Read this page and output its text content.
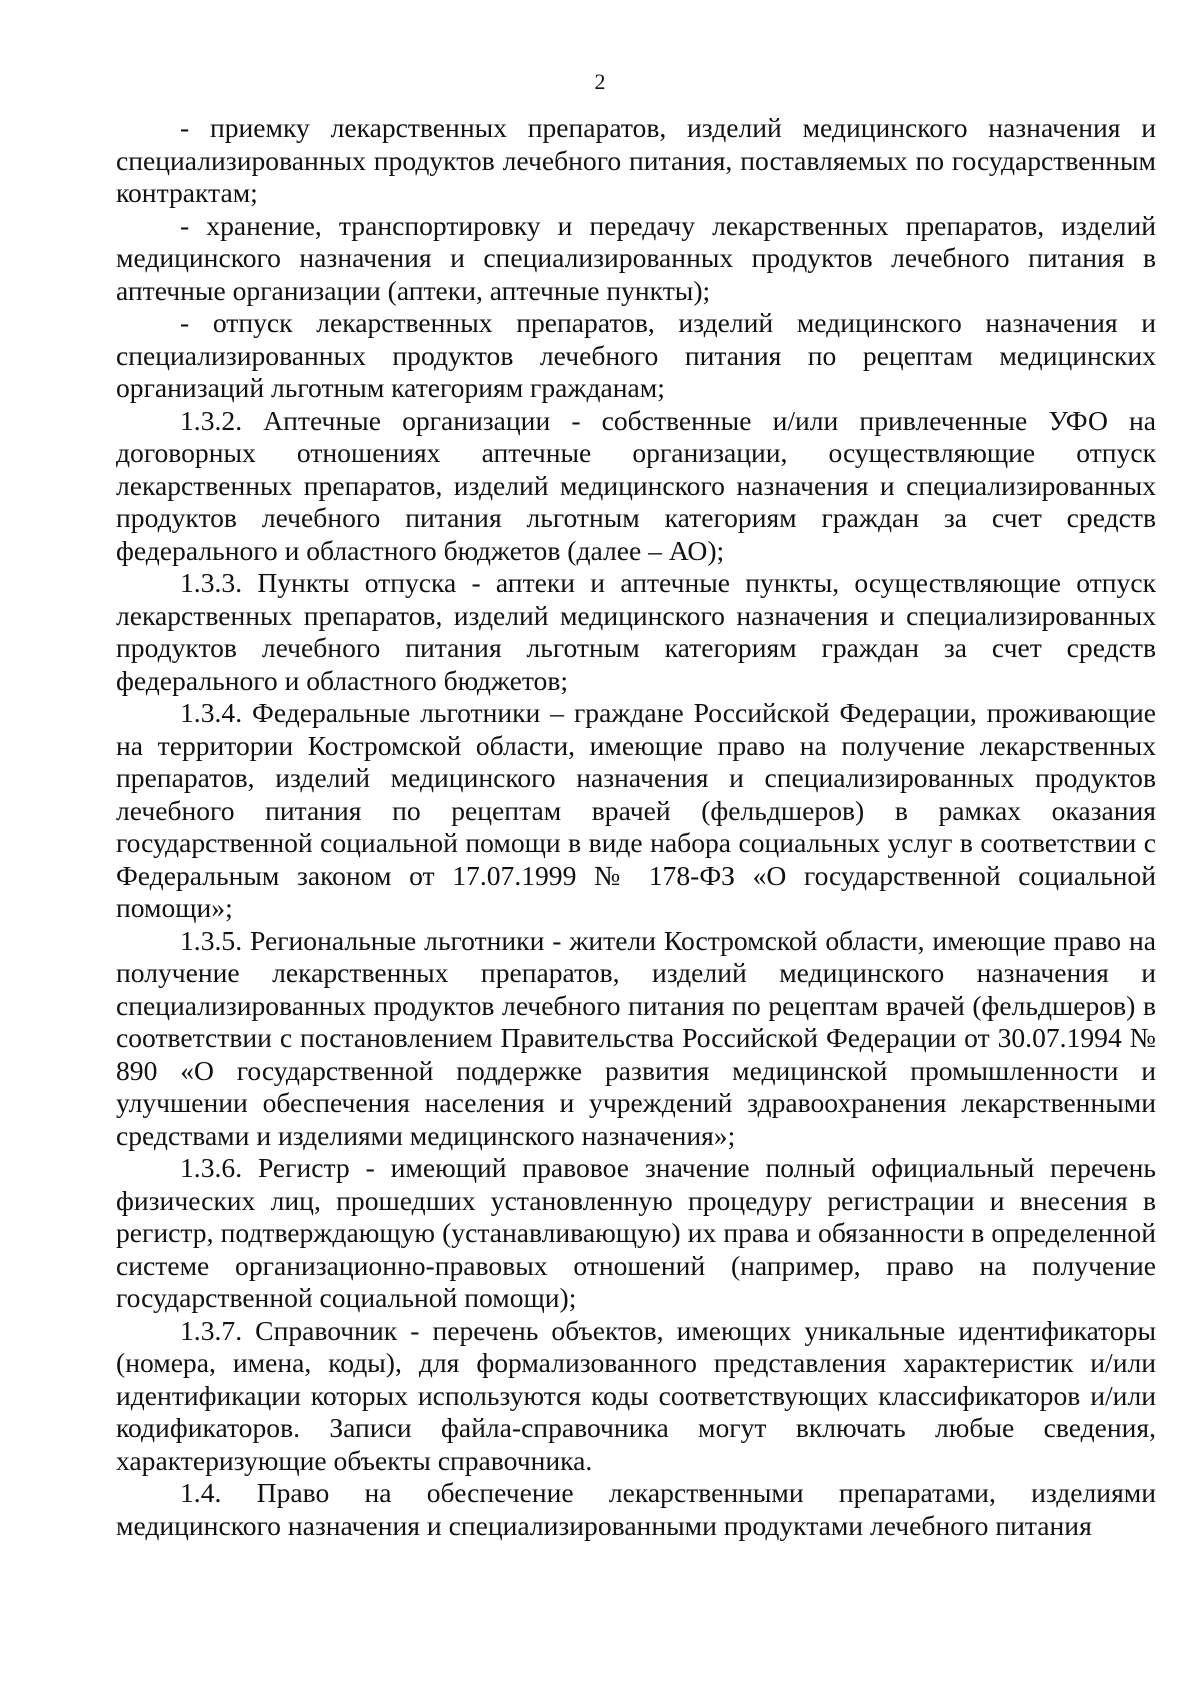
2

- приемку лекарственных препаратов, изделий медицинского назначения и специализированных продуктов лечебного питания, поставляемых по государственным контрактам;

- хранение, транспортировку и передачу лекарственных препаратов, изделий медицинского назначения и специализированных продуктов лечебного питания в аптечные организации (аптеки, аптечные пункты);

- отпуск лекарственных препаратов, изделий медицинского назначения и специализированных продуктов лечебного питания по рецептам медицинских организаций льготным категориям гражданам;

1.3.2. Аптечные организации - собственные и/или привлеченные УФО на договорных отношениях аптечные организации, осуществляющие отпуск лекарственных препаратов, изделий медицинского назначения и специализированных продуктов лечебного питания льготным категориям граждан за счет средств федерального и областного бюджетов (далее – АО);

1.3.3. Пункты отпуска - аптеки и аптечные пункты, осуществляющие отпуск лекарственных препаратов, изделий медицинского назначения и специализированных продуктов лечебного питания льготным категориям граждан за счет средств федерального и областного бюджетов;

1.3.4. Федеральные льготники – граждане Российской Федерации, проживающие на территории Костромской области, имеющие право на получение лекарственных препаратов, изделий медицинского назначения и специализированных продуктов лечебного питания по рецептам врачей (фельдшеров) в рамках оказания государственной социальной помощи в виде набора социальных услуг в соответствии с Федеральным законом от 17.07.1999 № 178-ФЗ «О государственной социальной помощи»;

1.3.5. Региональные льготники - жители Костромской области, имеющие право на получение лекарственных препаратов, изделий медицинского назначения и специализированных продуктов лечебного питания по рецептам врачей (фельдшеров) в соответствии с постановлением Правительства Российской Федерации от 30.07.1994 № 890 «О государственной поддержке развития медицинской промышленности и улучшении обеспечения населения и учреждений здравоохранения лекарственными средствами и изделиями медицинского назначения»;

1.3.6. Регистр - имеющий правовое значение полный официальный перечень физических лиц, прошедших установленную процедуру регистрации и внесения в регистр, подтверждающую (устанавливающую) их права и обязанности в определенной системе организационно-правовых отношений (например, право на получение государственной социальной помощи);

1.3.7. Справочник - перечень объектов, имеющих уникальные идентификаторы (номера, имена, коды), для формализованного представления характеристик и/или идентификации которых используются коды соответствующих классификаторов и/или кодификаторов. Записи файла-справочника могут включать любые сведения, характеризующие объекты справочника.

1.4. Право на обеспечение лекарственными препаратами, изделиями медицинского назначения и специализированными продуктами лечебного питания
